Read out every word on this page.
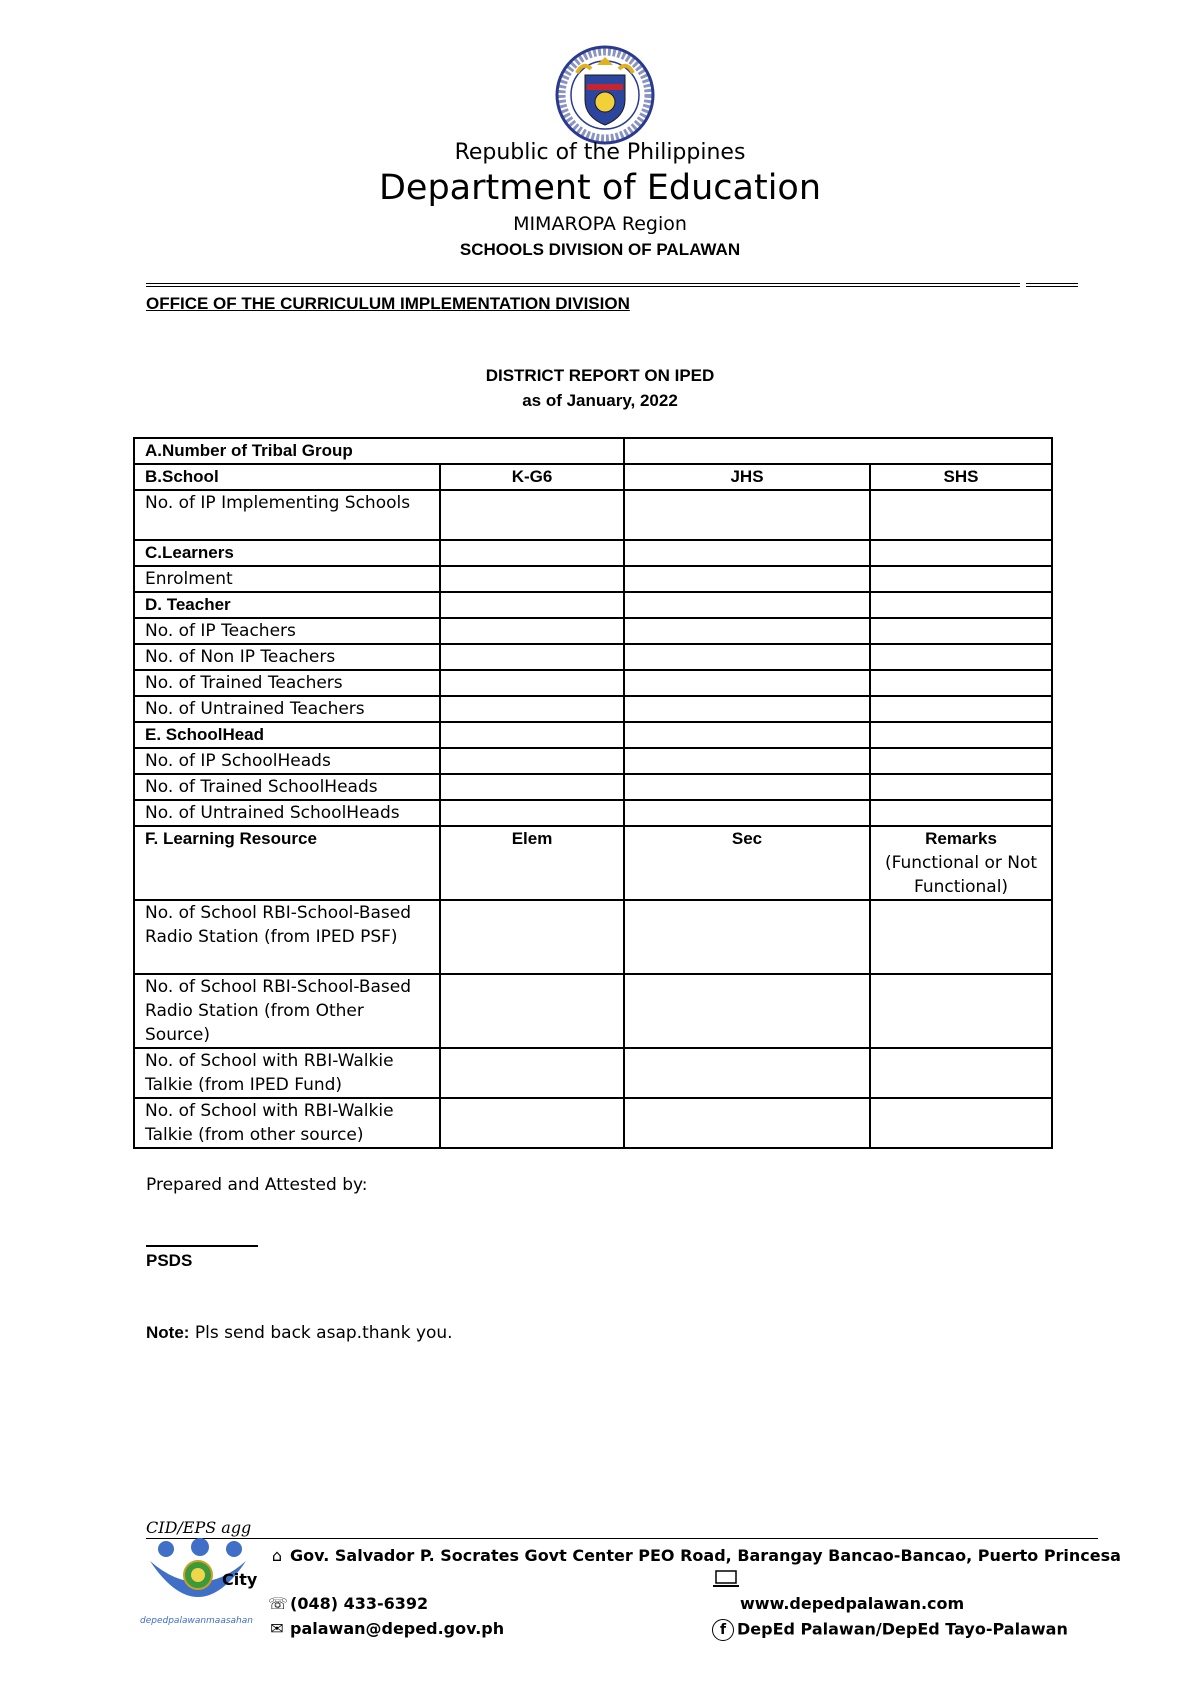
Republic of the Philippines
Department of Education
MIMAROPA Region
SCHOOLS DIVISION OF PALAWAN
OFFICE OF THE CURRICULUM IMPLEMENTATION DIVISION
DISTRICT REPORT ON IPED
as of January, 2022
A.Number of Tribal Group			
B.School	K-G6	JHS	SHS
No. of IP Implementing Schools			
C.Learners			
Enrolment			
D. Teacher			
No. of IP Teachers			
No. of Non IP Teachers			
No. of Trained Teachers			
No. of Untrained Teachers			
E. SchoolHead			
No. of IP SchoolHeads			
No. of Trained SchoolHeads			
No. of Untrained SchoolHeads			
F. Learning Resource	Elem	Sec	Remarks
(Functional or Not Functional)

No. of School RBI-School-Based Radio Station (from IPED PSF)			
No. of School RBI-School-Based Radio Station (from Other Source)			
No. of School with RBI-Walkie Talkie (from IPED Fund)			
No. of School with RBI-Walkie Talkie (from other source)			
Prepared and Attested by:
PSDS
Note: Pls send back asap.thank you.
CID/EPS agg
depedpalawanmaasahan
⌂ Gov. Salvador P. Socrates Govt Center PEO Road, Barangay Bancao-Bancao, Puerto Princesa
City
☏ (048) 433-6392
✉ palawan@deped.gov.ph
www.depedpalawan.com
f DepEd Palawan/DepEd Tayo-Palawan
